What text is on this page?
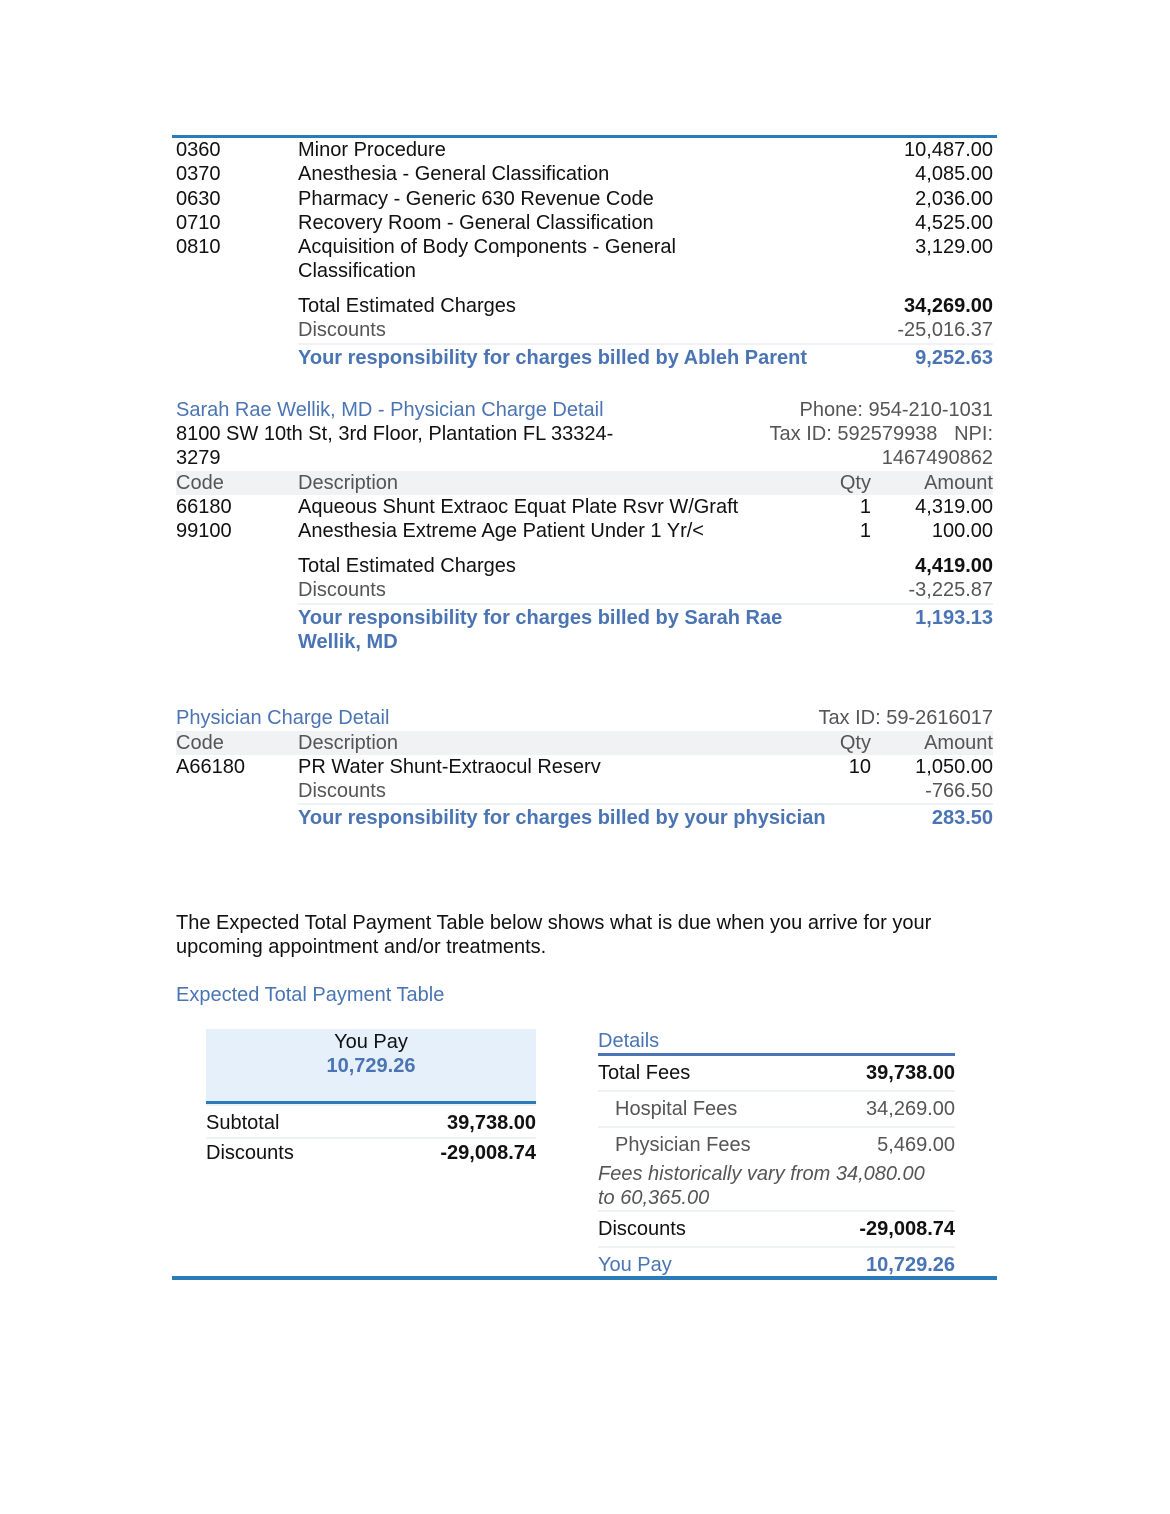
0360	Minor Procedure	10,487.00
0370	Anesthesia - General Classification	4,085.00
0630	Pharmacy - Generic 630 Revenue Code	2,036.00
0710	Recovery Room - General Classification	4,525.00
0810	Acquisition of Body Components - General	3,129.00
Classification
Total Estimated Charges	34,269.00
Discounts	-25,016.37
Your responsibility for charges billed by Ableh Parent	9,252.63
Sarah Rae Wellik, MD - Physician Charge Detail	Phone: 954-210-1031
8100 SW 10th St, 3rd Floor, Plantation FL 33324-
3279
Tax ID: 592579938   NPI:
1467490862
Code	Description	Qty	Amount
66180	Aqueous Shunt Extraoc Equat Plate Rsvr W/Graft	1 4,319.00
99100	Anesthesia Extreme Age Patient Under 1 Yr/<	1	100.00
Total Estimated Charges	4,419.00
Discounts	-3,225.87
Your responsibility for charges billed by Sarah Rae	1,193.13
Wellik, MD
Physician Charge Detail	Tax ID: 59-2616017
Code	Description	Qty	Amount
A66180	PR Water Shunt-Extraocul Reserv	10 1,050.00
Discounts	-766.50
Your responsibility for charges billed by your physician	283.50
The Expected Total Payment Table below shows what is due when you arrive for your
upcoming appointment and/or treatments.
Expected Total Payment Table
You Pay
10,729.26
Subtotal	39,738.00
Discounts	-29,008.74
Details
Total Fees	39,738.00
Hospital Fees	34,269.00
Physician Fees	5,469.00
Fees historically vary from 34,080.00
to 60,365.00
Discounts	-29,008.74
You Pay	10,729.26
